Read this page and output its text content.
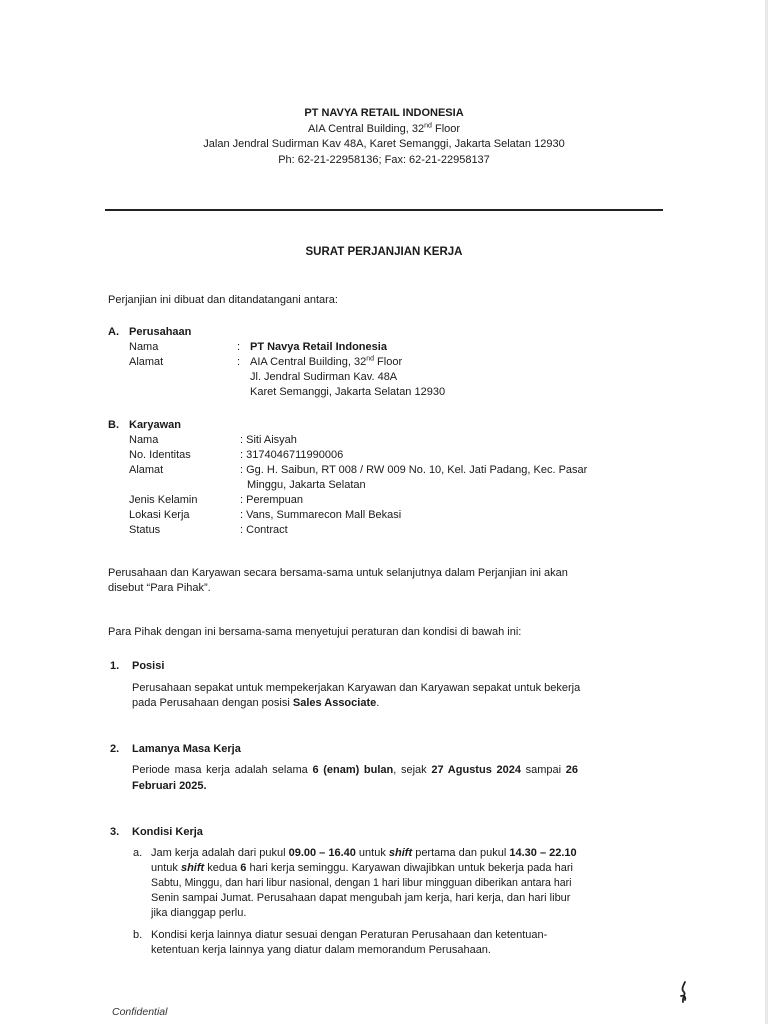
PT NAVYA RETAIL INDONESIA
AIA Central Building, 32nd Floor
Jalan Jendral Sudirman Kav 48A, Karet Semanggi, Jakarta Selatan 12930
Ph: 62-21-22958136; Fax: 62-21-22958137
SURAT PERJANJIAN KERJA
Perjanjian ini dibuat dan ditandatangani antara:
A. Perusahaan
Nama	: PT Navya Retail Indonesia
Alamat	: AIA Central Building, 32nd Floor
Jl. Jendral Sudirman Kav. 48A
Karet Semanggi, Jakarta Selatan 12930
B. Karyawan
Nama	: Siti Aisyah
No. Identitas	: 3174046711990006
Alamat	: Gg. H. Saibun, RT 008 / RW 009 No. 10, Kel. Jati Padang, Kec. Pasar
Minggu, Jakarta Selatan
Jenis Kelamin	: Perempuan
Lokasi Kerja	: Vans, Summarecon Mall Bekasi
Status	: Contract
Perusahaan dan Karyawan secara bersama-sama untuk selanjutnya dalam Perjanjian ini akan
disebut “Para Pihak”.
Para Pihak dengan ini bersama-sama menyetujui peraturan dan kondisi di bawah ini:
1. Posisi
Perusahaan sepakat untuk mempekerjakan Karyawan dan Karyawan sepakat untuk bekerja
pada Perusahaan dengan posisi Sales Associate.
2. Lamanya Masa Kerja
Periode masa kerja adalah selama 6 (enam) bulan, sejak 27 Agustus 2024 sampai 26
Februari 2025.
3. Kondisi Kerja
a. Jam kerja adalah dari pukul 09.00 – 16.40 untuk shift pertama dan pukul 14.30 – 22.10
untuk shift kedua 6 hari kerja seminggu. Karyawan diwajibkan untuk bekerja pada hari
Sabtu, Minggu, dan hari libur nasional, dengan 1 hari libur mingguan diberikan antara hari
Senin sampai Jumat. Perusahaan dapat mengubah jam kerja, hari kerja, dan hari libur
jika dianggap perlu.
b. Kondisi kerja lainnya diatur sesuai dengan Peraturan Perusahaan dan ketentuan-
ketentuan kerja lainnya yang diatur dalam memorandum Perusahaan.
Confidential
